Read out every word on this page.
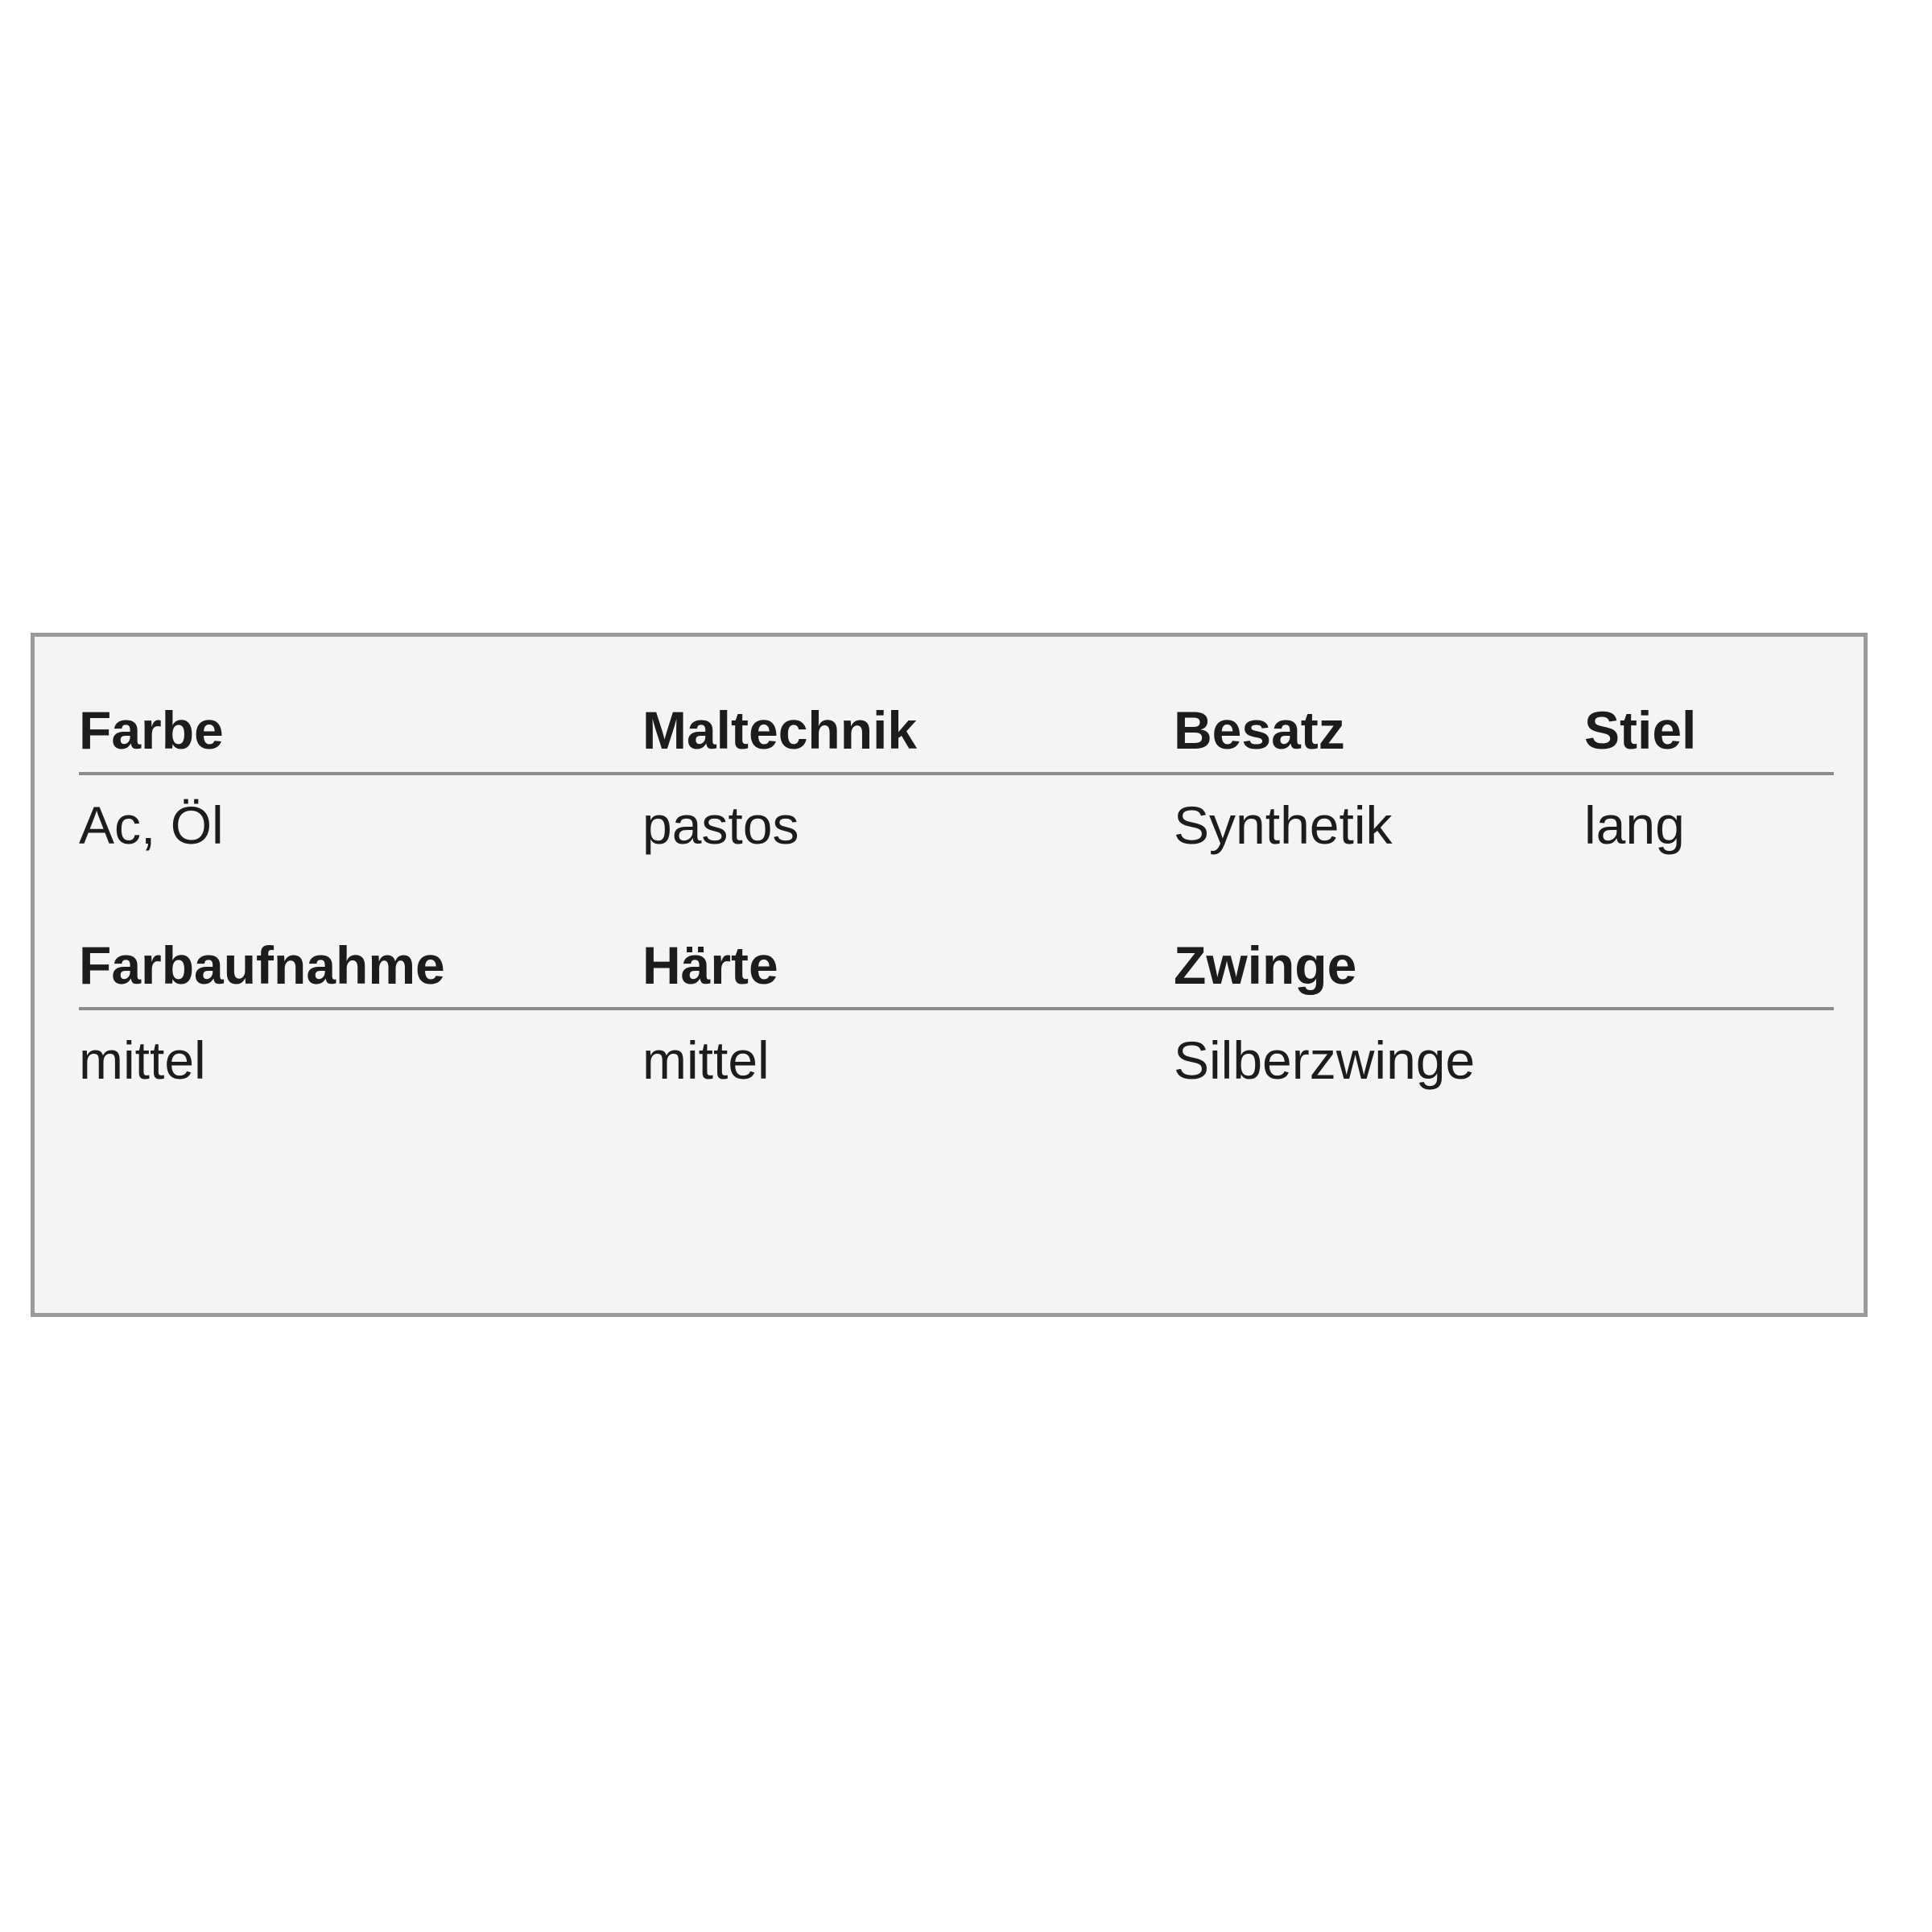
Farbe	Maltechnik	Besatz	Stiel
Ac, Öl	pastos	Synthetik	lang
Farbaufnahme	Härte	Zwinge
mittel	mittel	Silberzwinge
